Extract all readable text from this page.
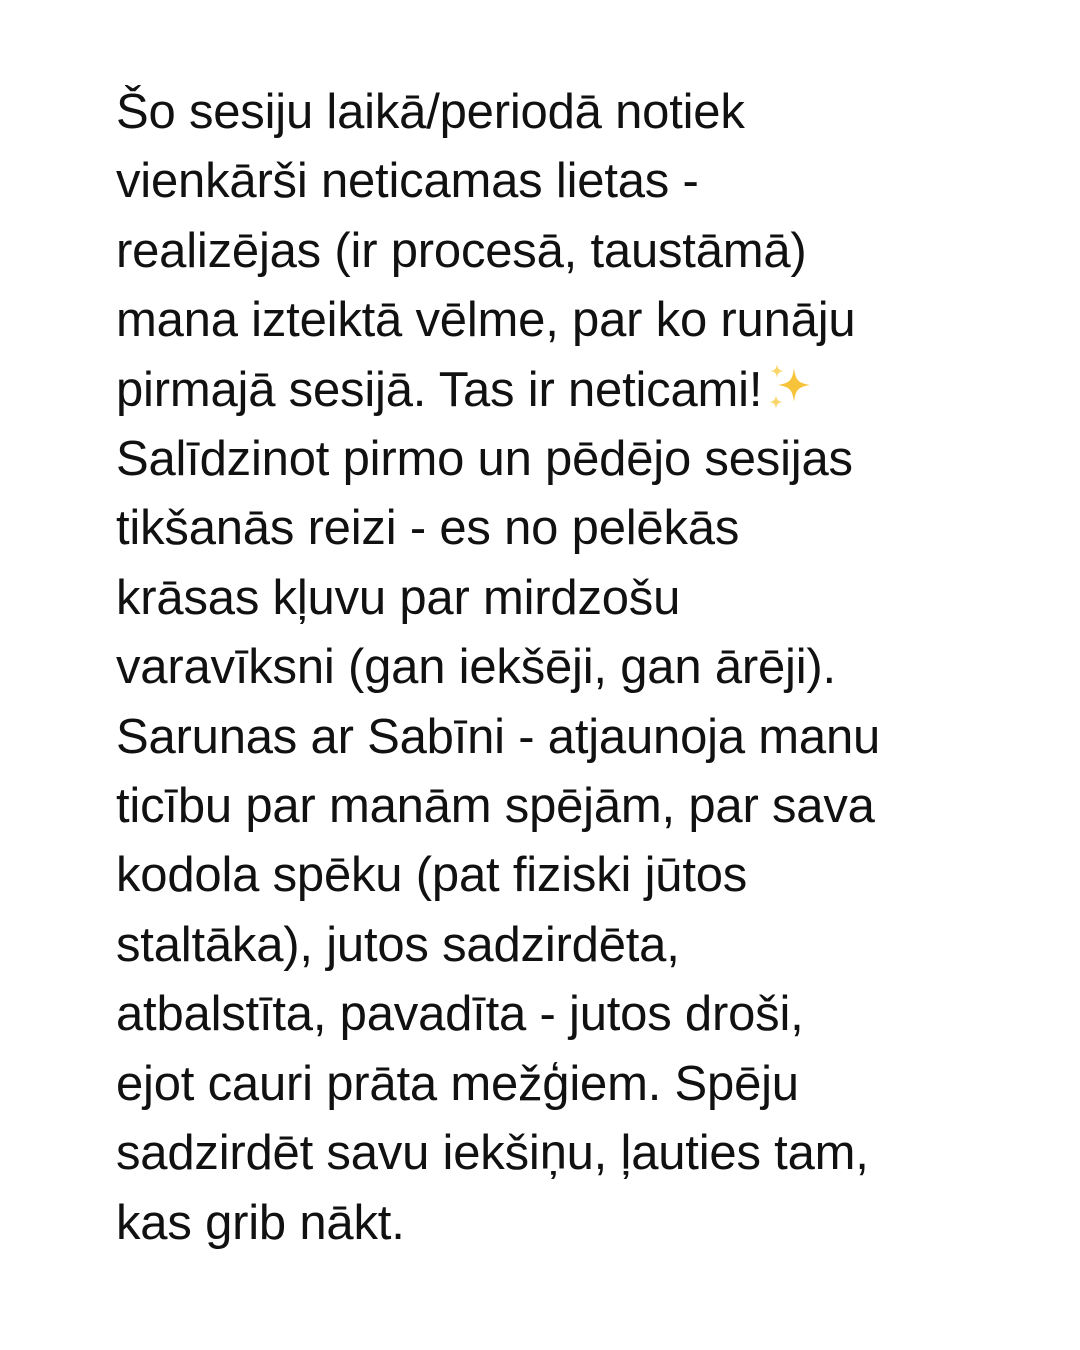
Šo sesiju laikā/periodā notiek
vienkārši neticamas lietas -
realizējas (ir procesā, taustāmā)
mana izteiktā vēlme, par ko runāju
pirmajā sesijā. Tas ir neticami!
Salīdzinot pirmo un pēdējo sesijas
tikšanās reizi - es no pelēkās
krāsas kļuvu par mirdzošu
varavīksni (gan iekšēji, gan ārēji).
Sarunas ar Sabīni - atjaunoja manu
ticību par manām spējām, par sava
kodola spēku (pat fiziski jūtos
staltāka), jutos sadzirdēta,
atbalstīta, pavadīta - jutos droši,
ejot cauri prāta mežģiem. Spēju
sadzirdēt savu iekšiņu, ļauties tam,
kas grib nākt.
